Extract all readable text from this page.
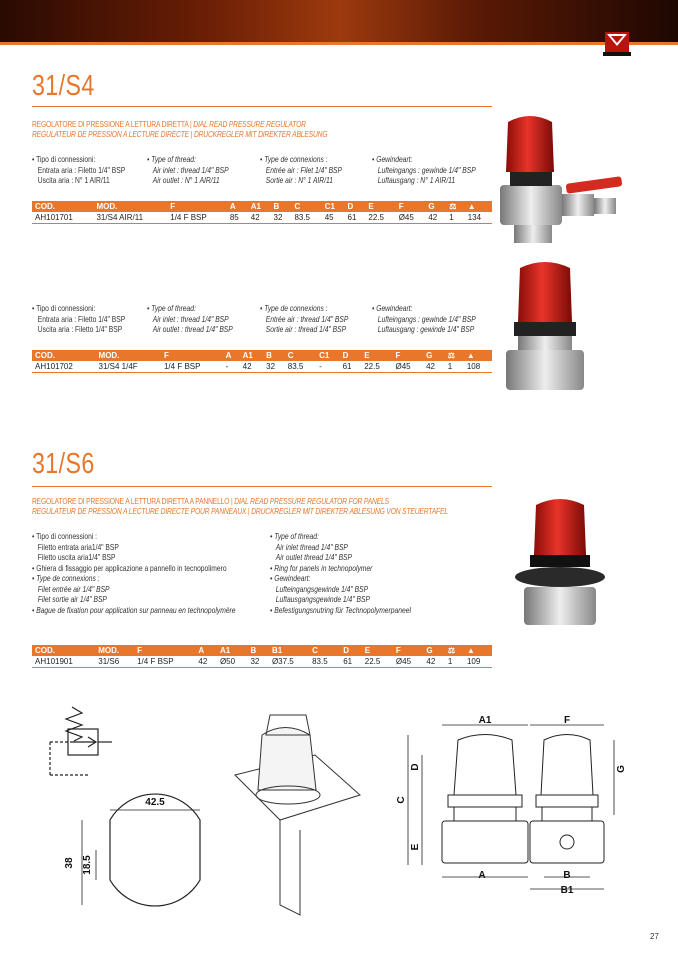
31/S4
REGOLATORE DI PRESSIONE A LETTURA DIRETTA | DIAL READ PRESSURE REGULATOR
REGULATEUR DE PRESSION A LECTURE DIRECTE | DRUCKREGLER MIT DIREKTER ABLESUNG
• Tipo di connessioni:
Entrata aria : Filetto 1/4" BSP
Uscita aria : N° 1 AIR/11
• Type of thread:
Air inlet : thread 1/4" BSP
Air outlet : N° 1 AIR/11
• Type de connexions :
Entrée air : Filet 1/4" BSP
Sortie air : N° 1 AIR/11
• Gewindeart:
Lufteingangs : gewinde 1/4" BSP
Luftausgang : N° 1 AIR/11
COD.	MOD.	F	A	A1	B	C	C1	D	E	F	G	⚖	▲
AH101701	31/S4 AIR/11	1/4 F BSP	85	42	32	83.5	45	61	22.5	Ø45	42	1	134
• Tipo di connessioni:
Entrata aria : Filetto 1/4" BSP
Uscita aria : Filetto 1/4" BSP
• Type of thread:
Air inlet : thread 1/4" BSP
Air outlet : thread 1/4" BSP
• Type de connexions :
Entrée air : thread 1/4" BSP
Sortie air : thread 1/4" BSP
• Gewindeart:
Lufteingangs : gewinde 1/4" BSP
Luftausgang : gewinde 1/4" BSP
COD.	MOD.	F	A	A1	B	C	C1	D	E	F	G	⚖	▲
AH101702	31/S4 1/4F	1/4 F BSP	-	42	32	83.5	-	61	22.5	Ø45	42	1	108
31/S6
REGOLATORE DI PRESSIONE A LETTURA DIRETTA A PANNELLO | DIAL READ PRESSURE REGULATOR FOR PANELS
REGULATEUR DE PRESSION A LECTURE DIRECTE POUR PANNEAUX | DRUCKREGLER MIT DIREKTER ABLESUNG VON STEUERTAFEL
• Tipo di connessioni :
Filetto entrata aria1/4" BSP
Filetto uscita aria1/4" BSP
• Ghiera di fissaggio per applicazione a pannello in tecnopolimero
• Type de connexions :
Filet entrée air 1/4" BSP
Filet sortie air 1/4" BSP
• Bague de fixation pour application sur panneau en technopolymère
• Type of thread:
Air inlet thread 1/4" BSP
Air outlet thread 1/4" BSP
• Ring for panels in technopolymer
• Gewindeart:
Lufteingangsgewinde 1/4" BSP
Luftausgangsgewinde 1/4" BSP
• Befestigungsnutring für Technopolymerpaneel
COD.	MOD.	F	A	A1	B	B1	C	D	E	F	G	⚖	▲
AH101901	31/S6	1/4 F BSP	42	Ø50	32	Ø37.5	83.5	61	22.5	Ø45	42	1	109
42.5
38 18.5
A1	F
C
D
E
G
A	B
B1
27
